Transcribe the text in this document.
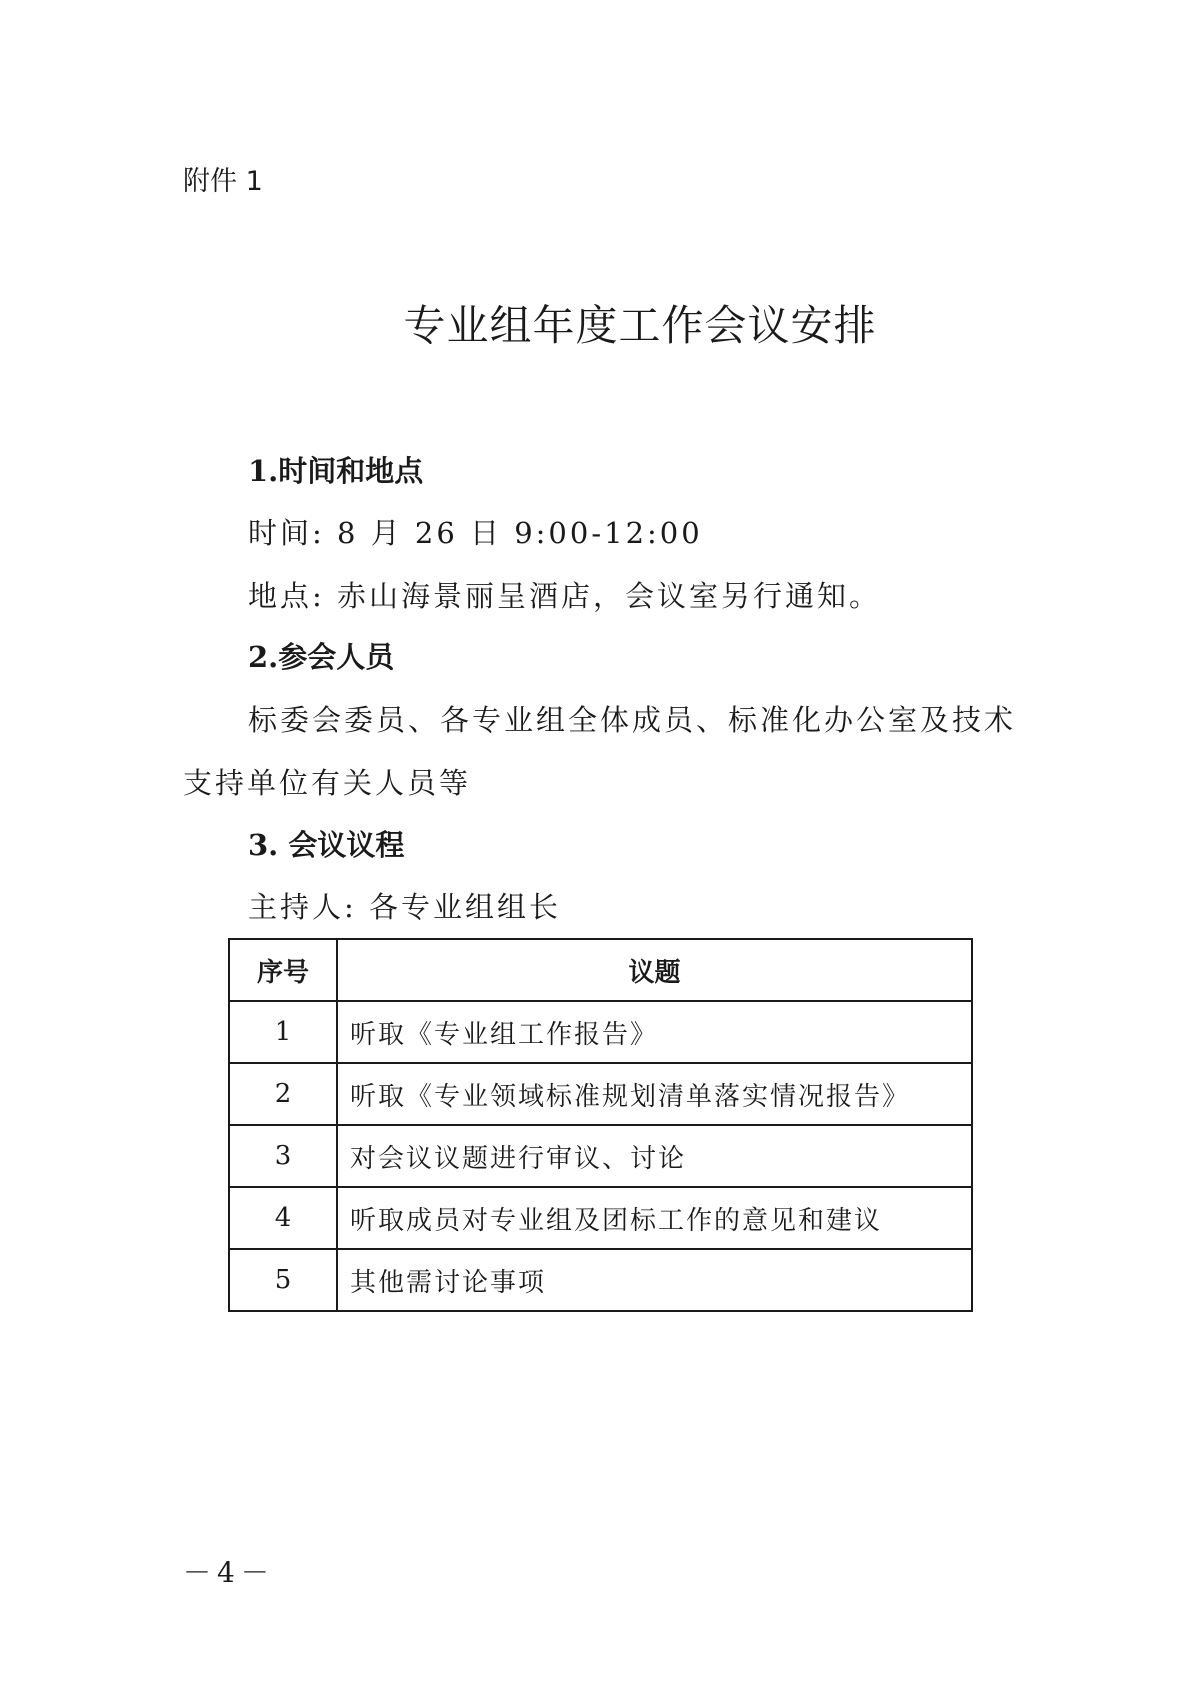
附件 1
专业组年度工作会议安排
1.时间和地点
时间: 8 月 26 日 9:00-12:00
地点: 赤山海景丽呈酒店，会议室另行通知。
2.参会人员
标委会委员、各专业组全体成员、标准化办公室及技术
支持单位有关人员等
3. 会议议程
主持人: 各专业组组长
序号	议题
1	听取《专业组工作报告》
2	听取《专业领域标准规划清单落实情况报告》
3	对会议议题进行审议、讨论
4	听取成员对专业组及团标工作的意见和建议
5	其他需讨论事项
－4－
